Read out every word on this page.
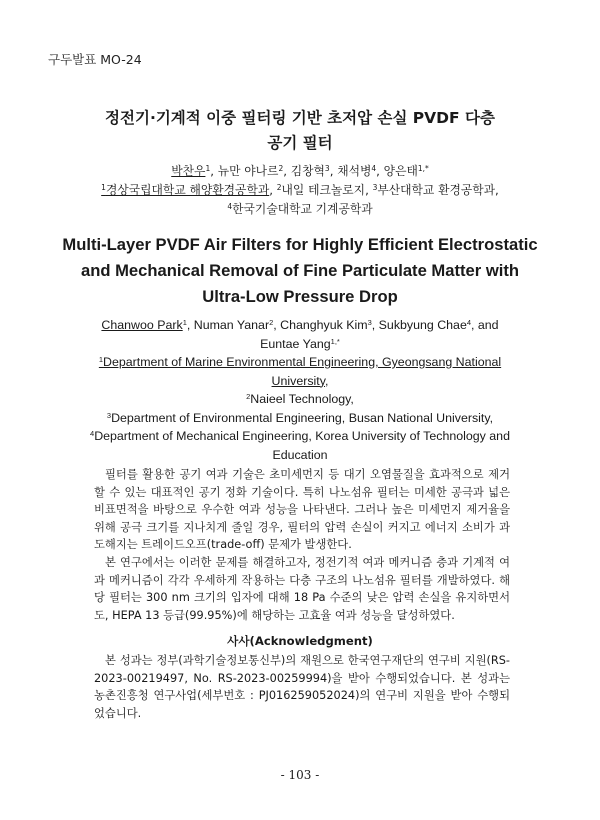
구두발표 MO-24
정전기·기계적 이중 필터링 기반 초저압 손실 PVDF 다층
공기 필터
박찬우$^1$, 뉴만 야나르$^2$, 김창혁$^3$, 채석병$^4$, 양은태$^{1,*}$
$^1$경상국립대학교 해양환경공학과, $^2$내일 테크놀로지, $^3$부산대학교 환경공학과,
$^4$한국기술대학교 기계공학과
Multi-Layer PVDF Air Filters for Highly Efficient Electrostatic
and Mechanical Removal of Fine Particulate Matter with
Ultra-Low Pressure Drop
Chanwoo Park$^1$, Numan Yanar$^2$, Changhyuk Kim$^3$, Sukbyung Chae$^4$, and
Euntae Yang$^{1,*}$
$^1$Department of Marine Environmental Engineering, Gyeongsang National
University,
$^2$Naieel Technology,
$^3$Department of Environmental Engineering, Busan National University,
$^4$Department of Mechanical Engineering, Korea University of Technology and
Education

필터를 활용한 공기 여과 기술은 초미세먼지 등 대기 오염물질을 효과적으로 제거할 수 있는 대표적인 공기 정화 기술이다. 특히 나노섬유 필터는 미세한 공극과 넓은 비표면적을 바탕으로 우수한 여과 성능을 나타낸다. 그러나 높은 미세먼지 제거율을 위해 공극 크기를 지나치게 줄일 경우, 필터의 압력 손실이 커지고 에너지 소비가 과도해지는 트레이드오프(trade-off) 문제가 발생한다.

본 연구에서는 이러한 문제를 해결하고자, 정전기적 여과 메커니즘 층과 기계적 여과 메커니즘이 각각 우세하게 작용하는 다층 구조의 나노섬유 필터를 개발하였다. 해당 필터는 300 nm 크기의 입자에 대해 18 Pa 수준의 낮은 압력 손실을 유지하면서도, HEPA 13 등급(99.95%)에 해당하는 고효율 여과 성능을 달성하였다.

사사(Acknowledgment)

본 성과는 정부(과학기술정보통신부)의 재원으로 한국연구재단의 연구비 지원(RS-2023-00219497, No. RS-2023-00259994)을 받아 수행되었습니다. 본 성과는 농촌진흥청 연구사업(세부번호 : PJ016259052024)의 연구비 지원을 받아 수행되었습니다.

- 103 -
